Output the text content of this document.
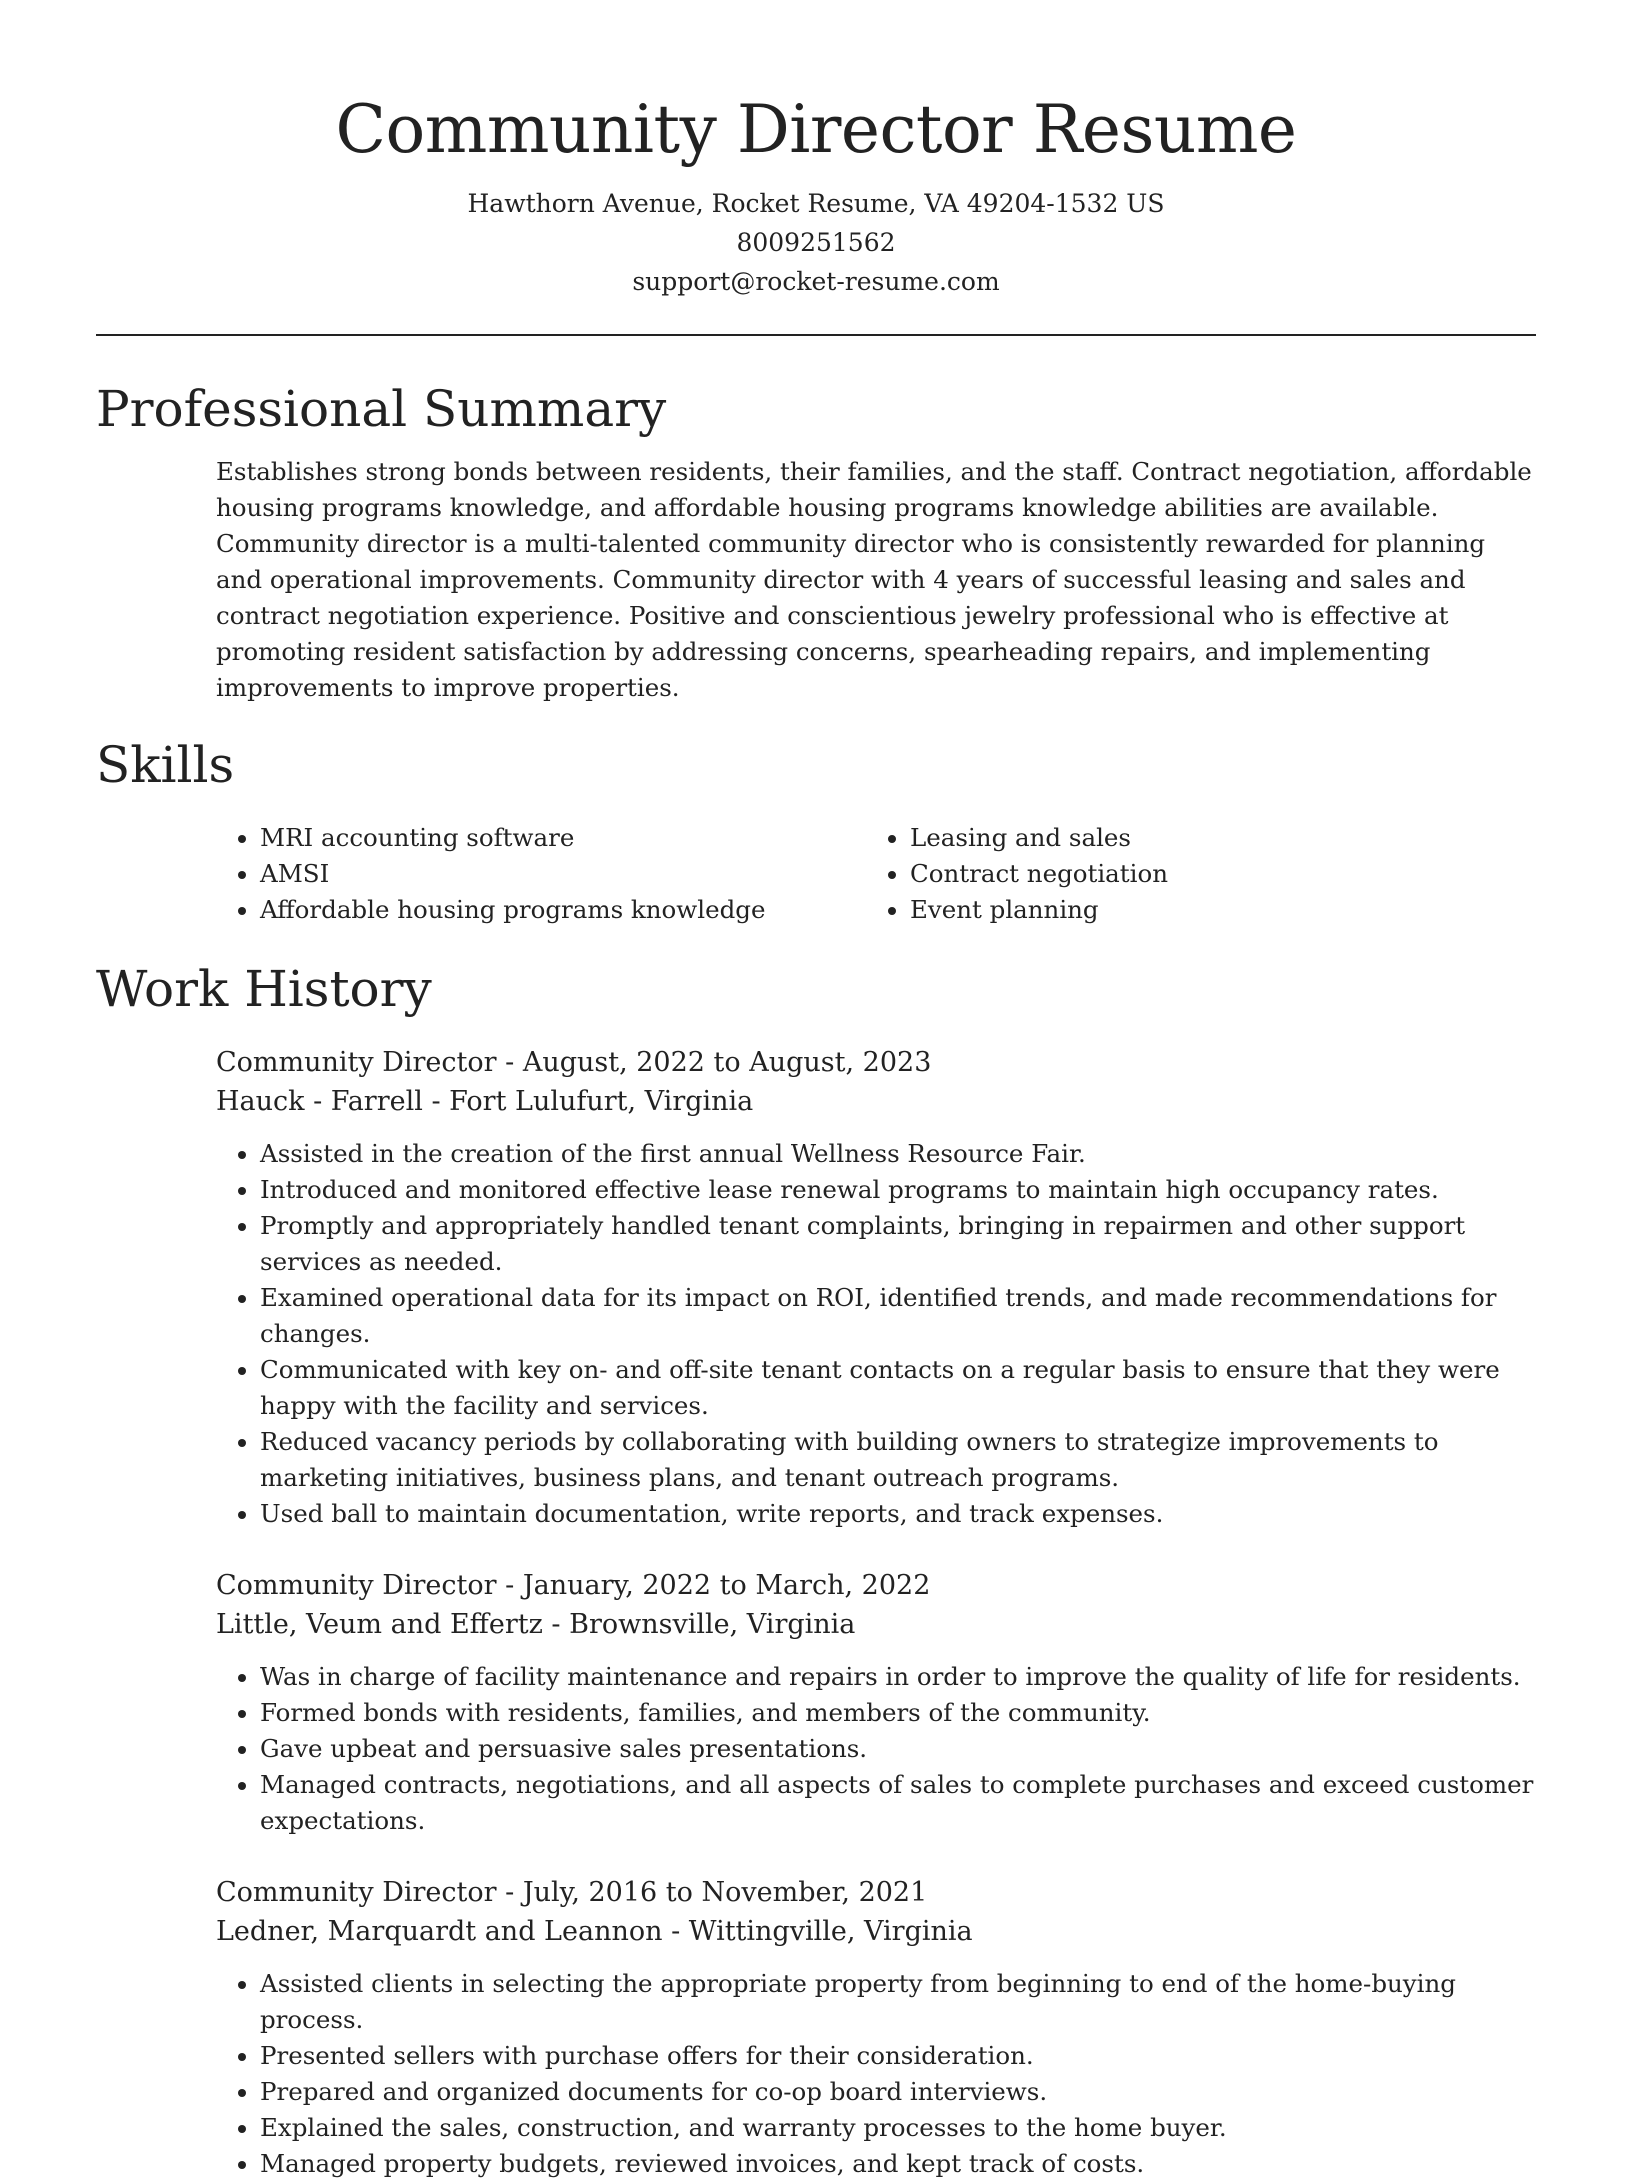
Community Director Resume
Hawthorn Avenue, Rocket Resume, VA 49204-1532 US
8009251562
support@rocket-resume.com
Professional Summary

Establishes strong bonds between residents, their families, and the staff. Contract negotiation, affordable housing programs knowledge, and affordable housing programs knowledge abilities are available. Community director is a multi-talented community director who is consistently rewarded for planning and operational improvements. Community director with 4 years of successful leasing and sales and contract negotiation experience. Positive and conscientious jewelry professional who is effective at promoting resident satisfaction by addressing concerns, spearheading repairs, and implementing improvements to improve properties.

Skills
• MRI accounting software
• AMSI
• Affordable housing programs knowledge
• Leasing and sales
• Contract negotiation
• Event planning
Work History
Community Director - August, 2022 to August, 2023
Hauck - Farrell - Fort Lulufurt, Virginia
• Assisted in the creation of the first annual Wellness Resource Fair.
• Introduced and monitored effective lease renewal programs to maintain high occupancy rates.
• Promptly and appropriately handled tenant complaints, bringing in repairmen and other support services as needed.
• Examined operational data for its impact on ROI, identified trends, and made recommendations for changes.
• Communicated with key on- and off-site tenant contacts on a regular basis to ensure that they were happy with the facility and services.
• Reduced vacancy periods by collaborating with building owners to strategize improvements to marketing initiatives, business plans, and tenant outreach programs.
• Used ball to maintain documentation, write reports, and track expenses.
Community Director - January, 2022 to March, 2022
Little, Veum and Effertz - Brownsville, Virginia
• Was in charge of facility maintenance and repairs in order to improve the quality of life for residents.
• Formed bonds with residents, families, and members of the community.
• Gave upbeat and persuasive sales presentations.
• Managed contracts, negotiations, and all aspects of sales to complete purchases and exceed customer expectations.
Community Director - July, 2016 to November, 2021
Ledner, Marquardt and Leannon - Wittingville, Virginia
• Assisted clients in selecting the appropriate property from beginning to end of the home-buying process.
• Presented sellers with purchase offers for their consideration.
• Prepared and organized documents for co-op board interviews.
• Explained the sales, construction, and warranty processes to the home buyer.
• Managed property budgets, reviewed invoices, and kept track of costs.
